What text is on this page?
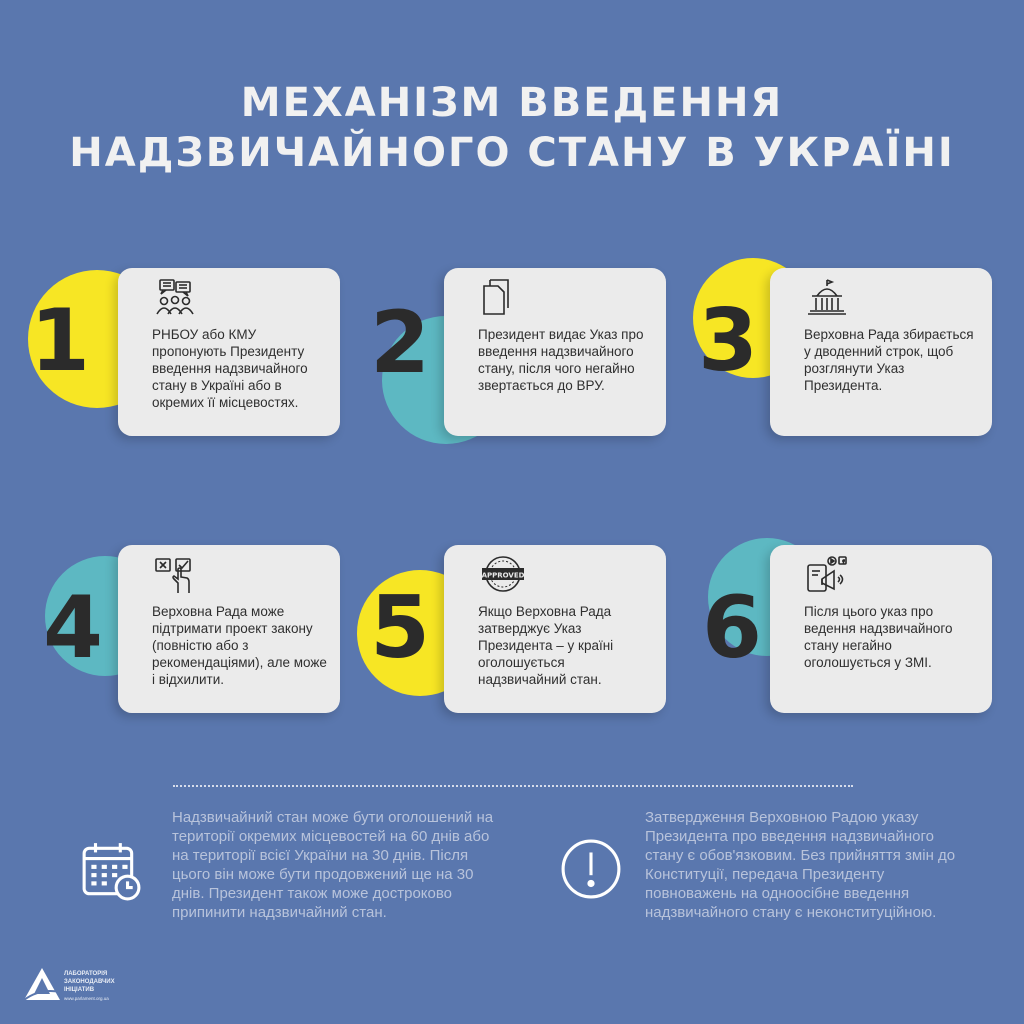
МЕХАНІЗМ ВВЕДЕННЯ
НАДЗВИЧАЙНОГО СТАНУ В УКРАЇНІ
1	РНБОУ або КМУ пропонують Президенту введення надзвичайного стану в Україні або в окремих її місцевостях.
2	Президент видає Указ про введення надзвичайного стану, після чого негайно звертається до ВРУ.	3	Верховна Рада збирається у дводенний строк, щоб розглянути Указ Президента.
4	Верховна Рада може підтримати проект закону (повністю або з рекомендаціями), але може і відхилити.
5
APPROVED
Якщо Верховна Рада затверджує Указ Президента – у країні оголошується надзвичайний стан.
6	Після цього указ про ведення надзвичайного стану негайно оголошується у ЗМІ.
Надзвичайний стан може бути оголошений на території окремих місцевостей на 60 днів або на території всієї України на 30 днів. Після цього він може бути продовжений ще на 30 днів. Президент також може достроково припинити надзвичайний стан.
Затвердження Верховною Радою указу Президента про введення надзвичайного стану є обов'язковим. Без прийняття змін до Конституції, передача Президенту повноважень на одноосібне введення надзвичайного стану є неконституційною.
ЛАБОРАТОРІЯ
ЗАКОНОДАВЧИХ
ІНІЦІАТИВ
www.parlament.org.ua
